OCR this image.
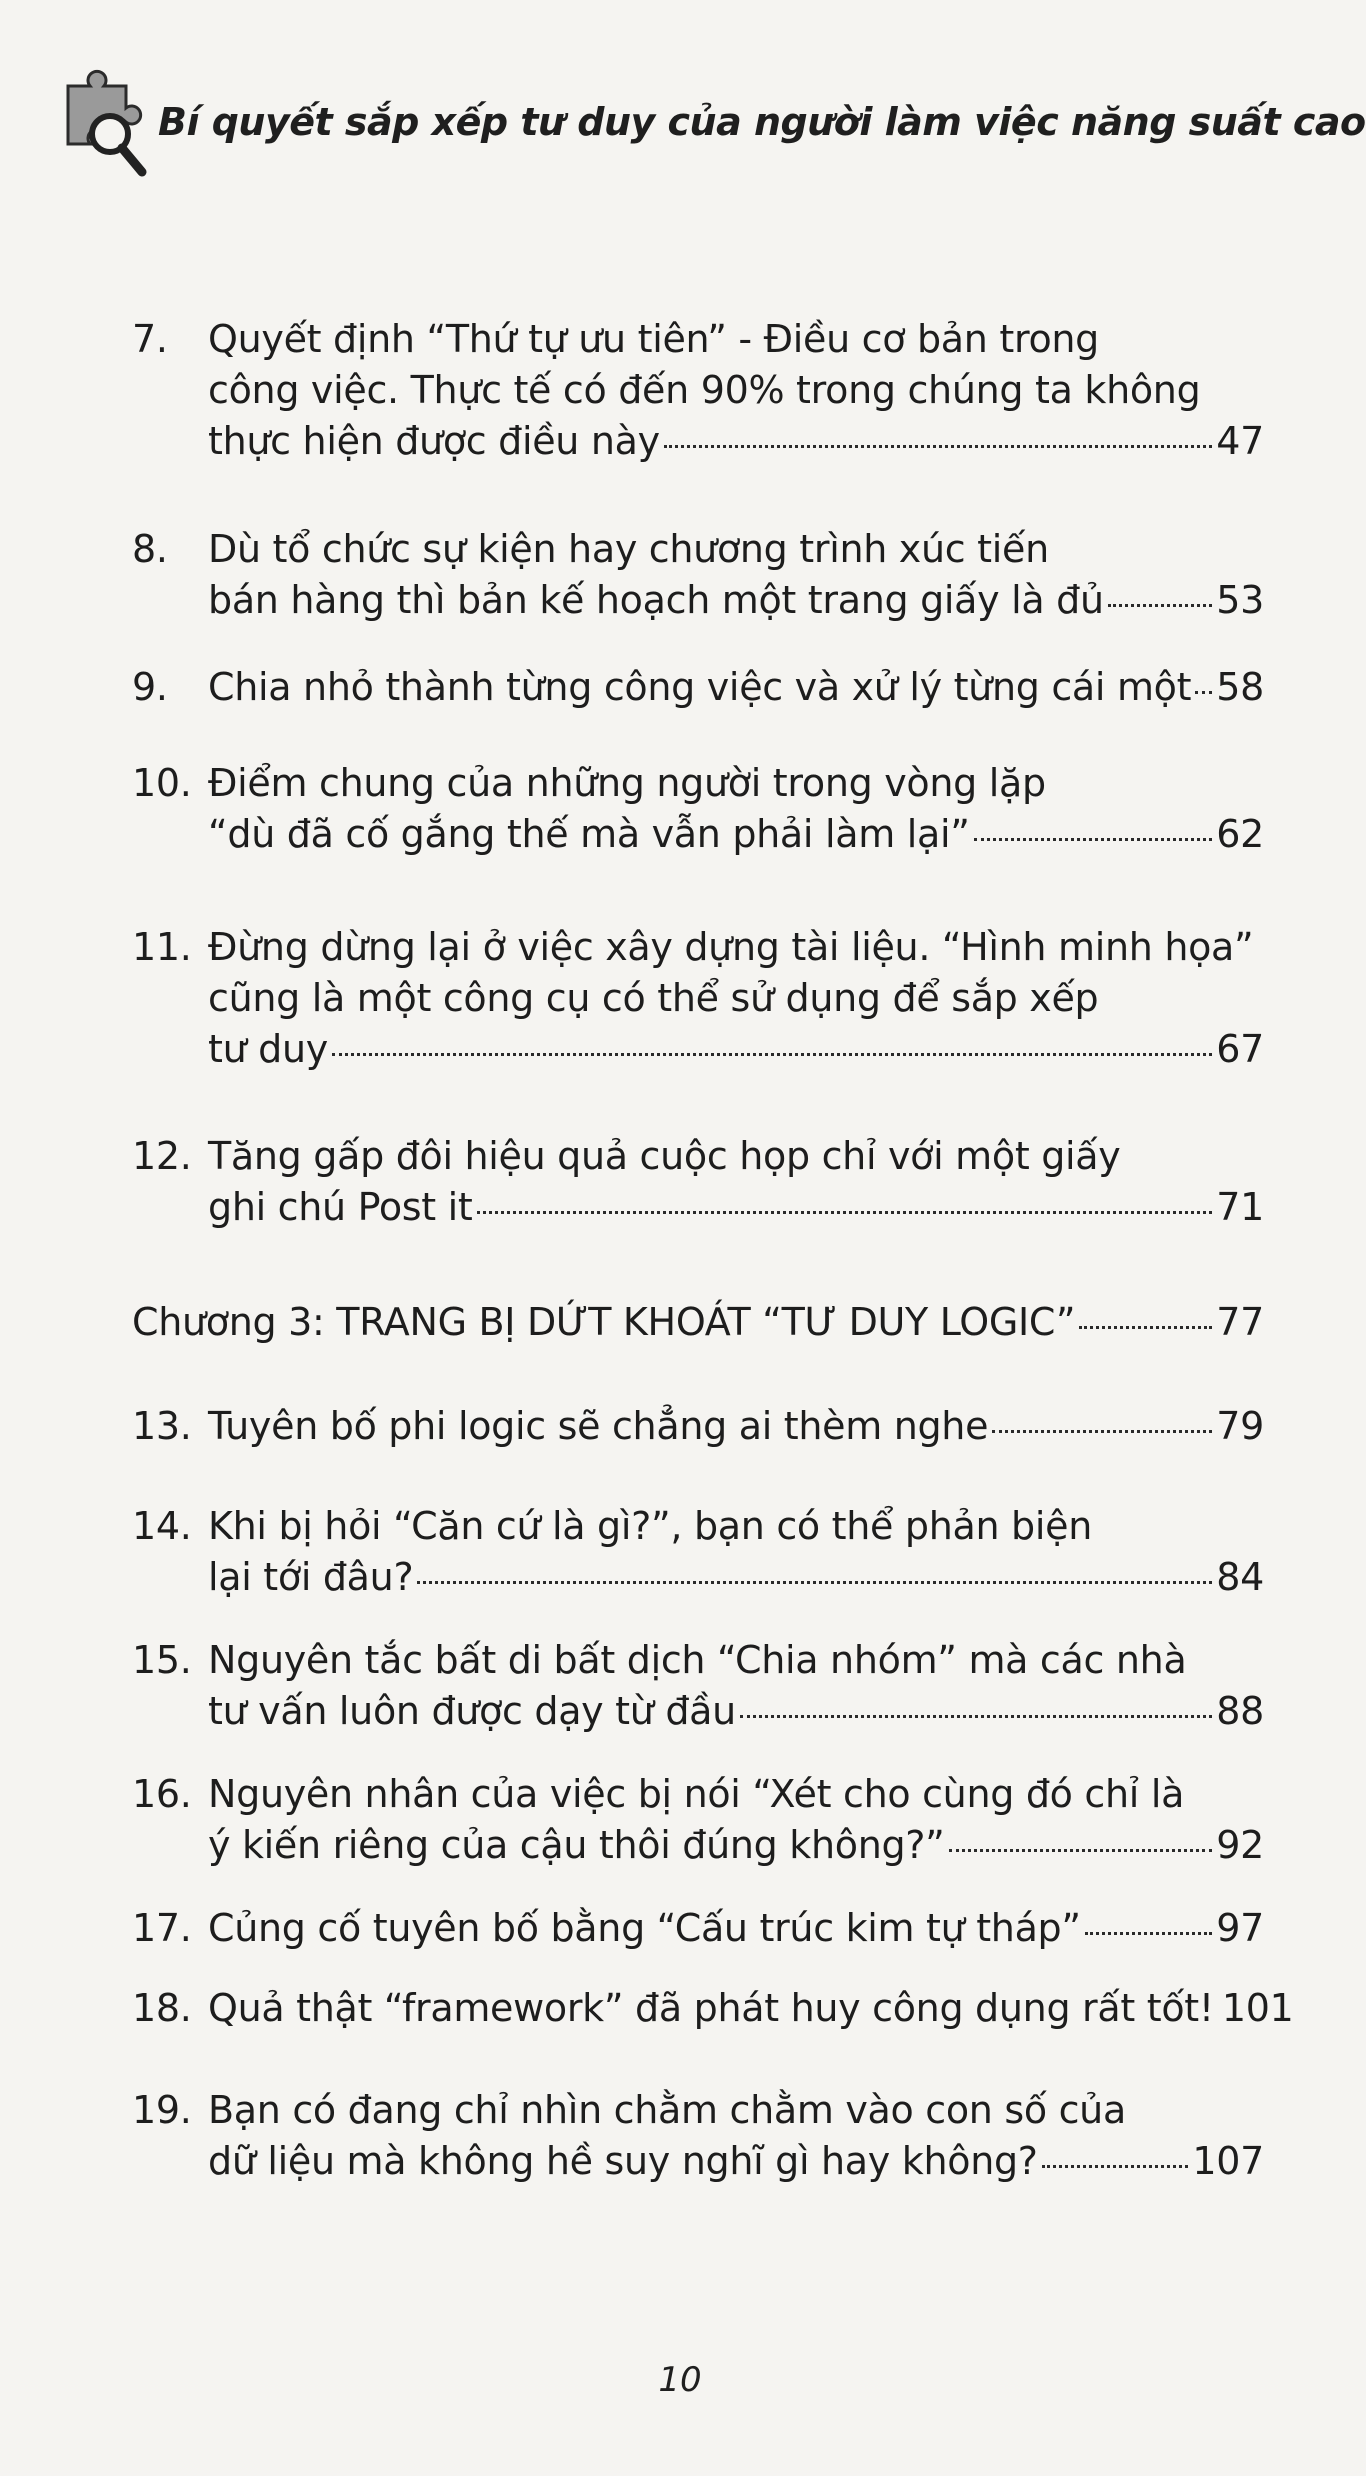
Bí quyết sắp xếp tư duy của người làm việc năng suất cao
7. Quyết định “Thứ tự ưu tiên” - Điều cơ bản trong
công việc. Thực tế có đến 90% trong chúng ta không
thực hiện được điều này	47
8. Dù tổ chức sự kiện hay chương trình xúc tiến
bán hàng thì bản kế hoạch một trang giấy là đủ	53
9. Chia nhỏ thành từng công việc và xử lý từng cái một 58
10. Điểm chung của những người trong vòng lặp
“dù đã cố gắng thế mà vẫn phải làm lại”	62
11. Đừng dừng lại ở việc xây dựng tài liệu. “Hình minh họa”
cũng là một công cụ có thể sử dụng để sắp xếp
tư duy	67
12. Tăng gấp đôi hiệu quả cuộc họp chỉ với một giấy
ghi chú Post it	71
Chương 3: TRANG BỊ DỨT KHOÁT “TƯ DUY LOGIC”	77
13. Tuyên bố phi logic sẽ chẳng ai thèm nghe	79
14. Khi bị hỏi “Căn cứ là gì?”, bạn có thể phản biện
lại tới đâu?	84
15. Nguyên tắc bất di bất dịch “Chia nhóm” mà các nhà
tư vấn luôn được dạy từ đầu	88
16. Nguyên nhân của việc bị nói “Xét cho cùng đó chỉ là
ý kiến riêng của cậu thôi đúng không?”	92
17. Củng cố tuyên bố bằng “Cấu trúc kim tự tháp”	97
18. Quả thật “framework” đã phát huy công dụng rất tốt! 101
19. Bạn có đang chỉ nhìn chằm chằm vào con số của
dữ liệu mà không hề suy nghĩ gì hay không?	107
10
